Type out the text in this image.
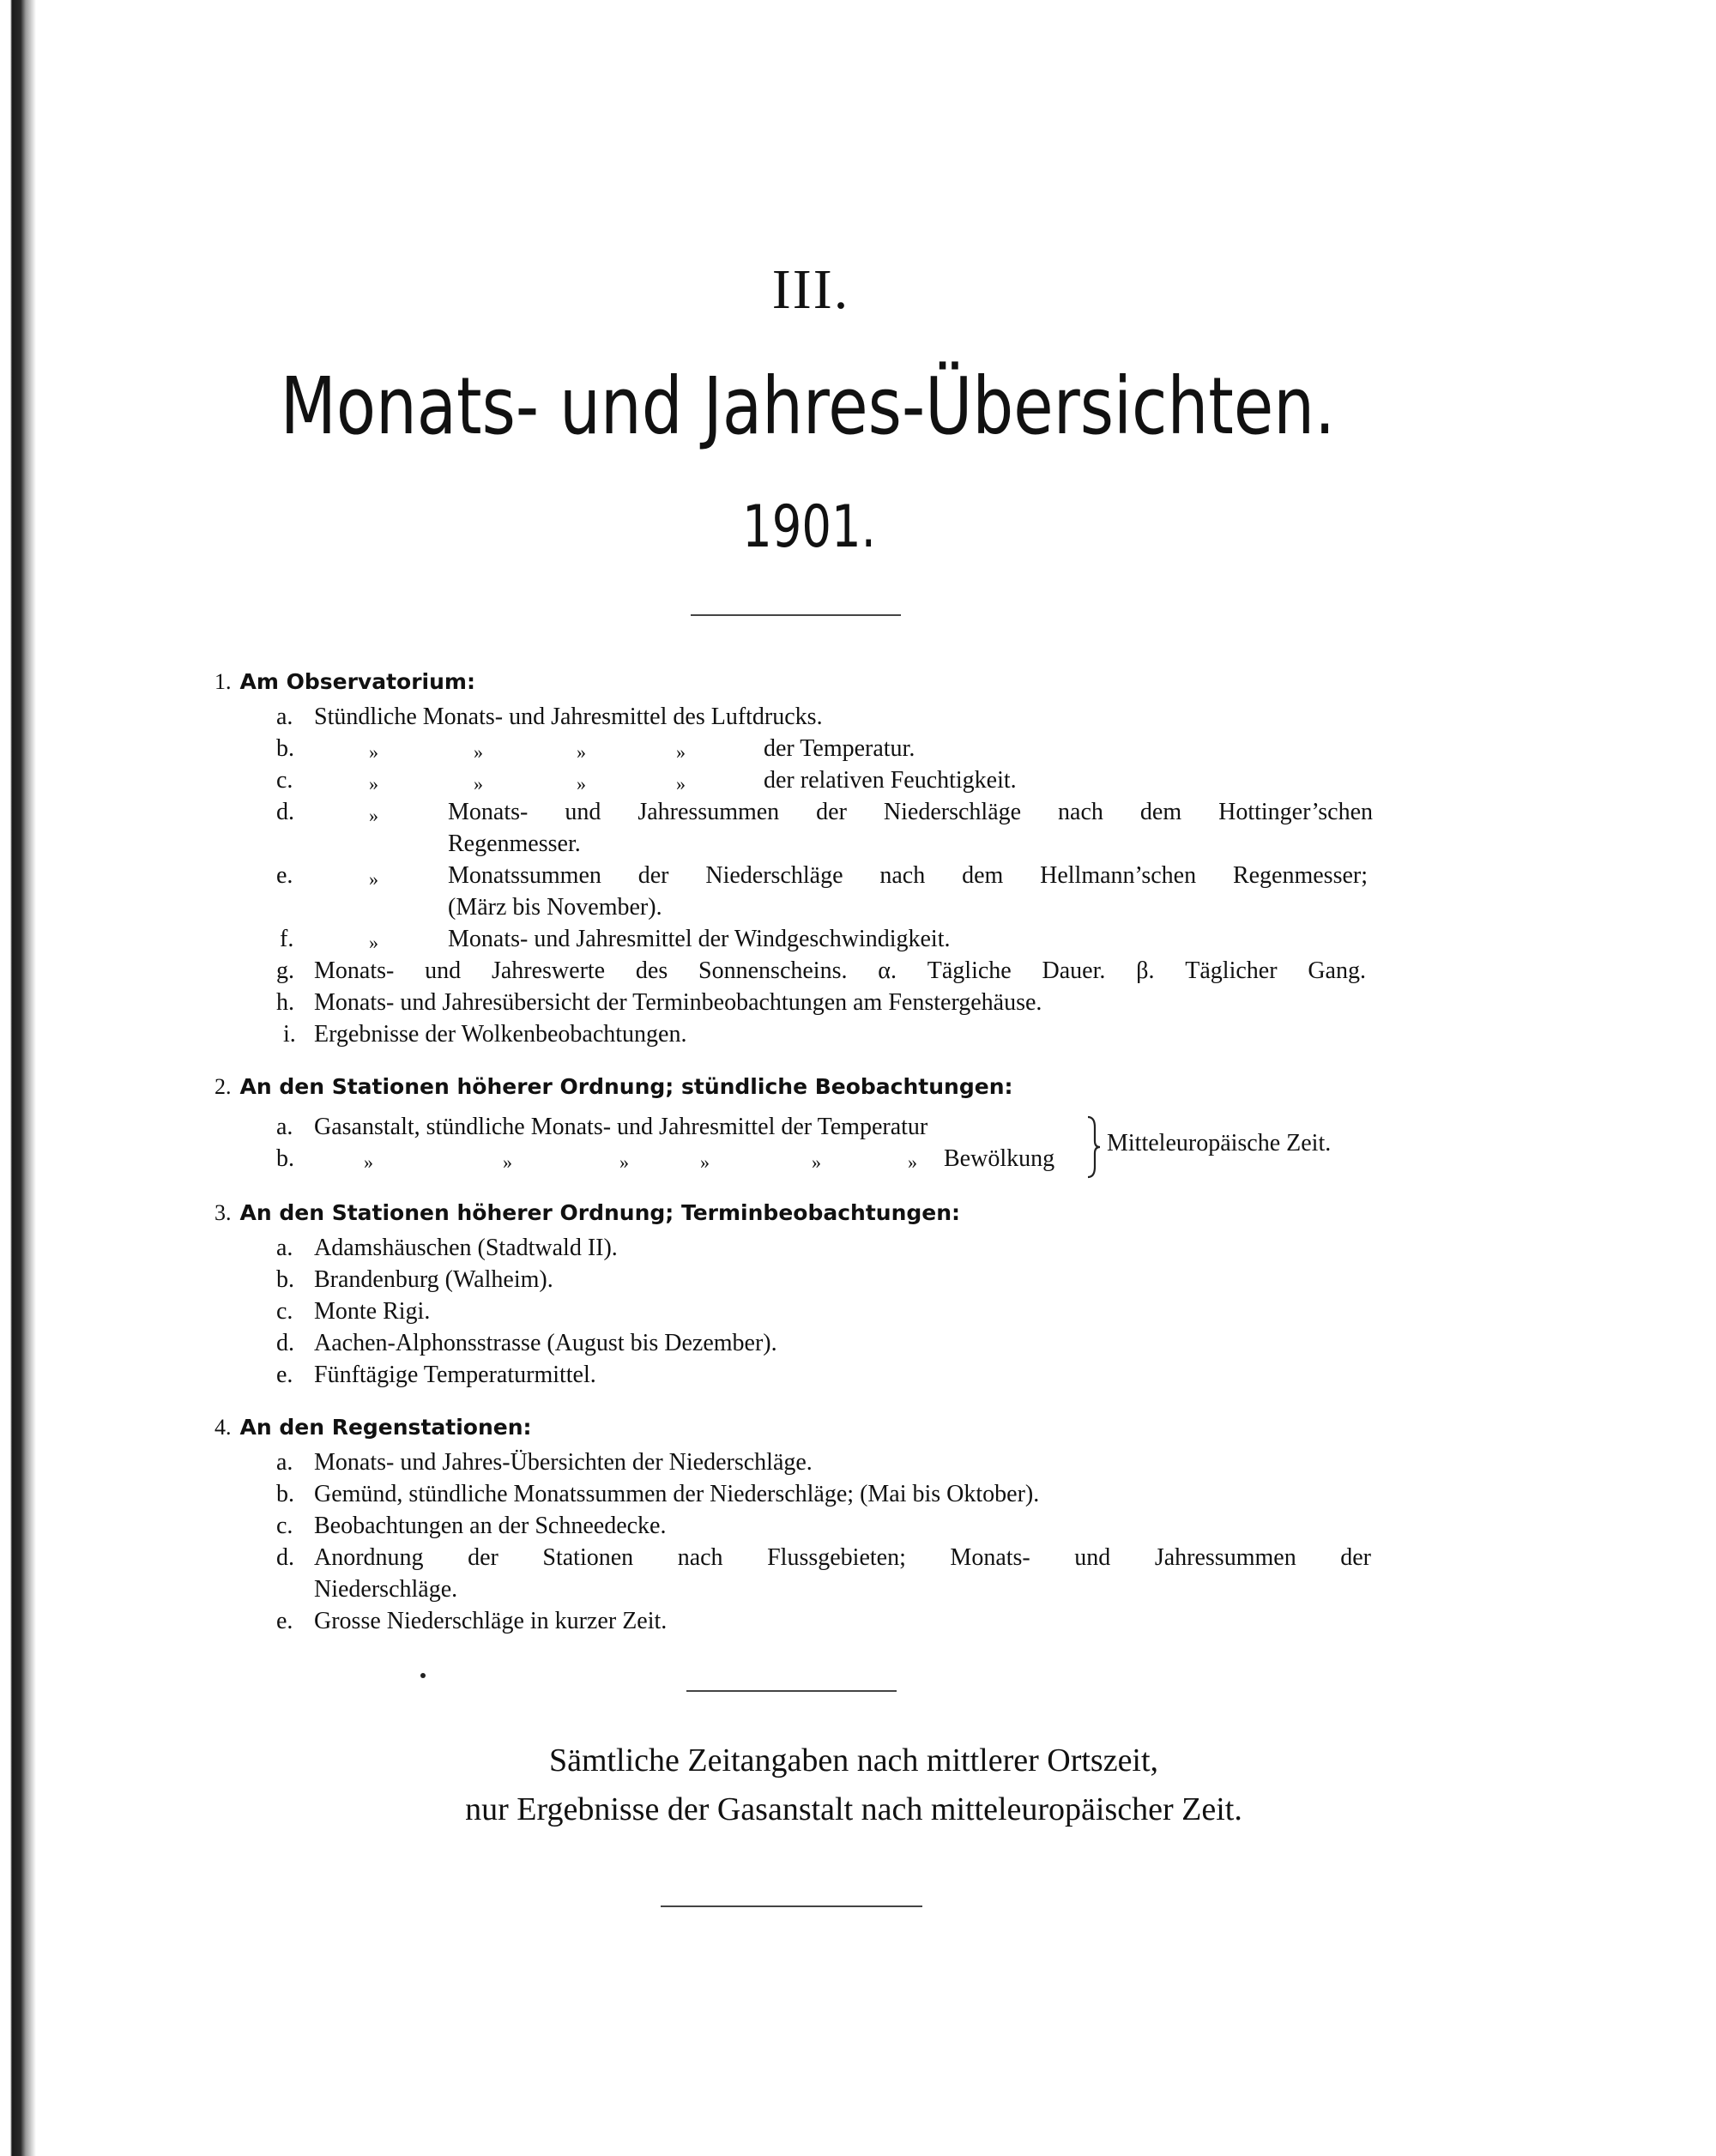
III.
Monats- und Jahres-Übersichten.
1901.
1. Am Observatorium:
a. Stündliche Monats- und Jahresmittel des Luftdrucks.
b.	»	»	»	»	der Temperatur.
c.	»	»	»	»	der relativen Feuchtigkeit.
d.	»	Monats- und Jahressummen der Niederschläge nach dem Hottinger’schen
Regenmesser.
e.	»	Monatssummen der Niederschläge nach dem Hellmann’schen Regenmesser;
(März bis November).
f.	»	Monats- und Jahresmittel der Windgeschwindigkeit.
g. Monats- und Jahreswerte des Sonnenscheins. α. Tägliche Dauer. β. Täglicher Gang.
h. Monats- und Jahresübersicht der Terminbeobachtungen am Fenstergehäuse.
i. Ergebnisse der Wolkenbeobachtungen.
2. An den Stationen höherer Ordnung; stündliche Beobachtungen:
a. Gasanstalt, stündliche Monats- und Jahresmittel der Temperatur
b.	»	»	»	»	»	» Bewölkung
Mitteleuropäische Zeit.
3. An den Stationen höherer Ordnung; Terminbeobachtungen:
a. Adamshäuschen (Stadtwald II).
b. Brandenburg (Walheim).
c. Monte Rigi.
d. Aachen-Alphonsstrasse (August bis Dezember).
e. Fünftägige Temperaturmittel.
4. An den Regenstationen:
a. Monats- und Jahres-Übersichten der Niederschläge.
b. Gemünd, stündliche Monatssummen der Niederschläge; (Mai bis Oktober).
c. Beobachtungen an der Schneedecke.
d. Anordnung der Stationen nach Flussgebieten; Monats- und Jahressummen der
Niederschläge.
e. Grosse Niederschläge in kurzer Zeit.
Sämtliche Zeitangaben nach mittlerer Ortszeit,
nur Ergebnisse der Gasanstalt nach mitteleuropäischer Zeit.
